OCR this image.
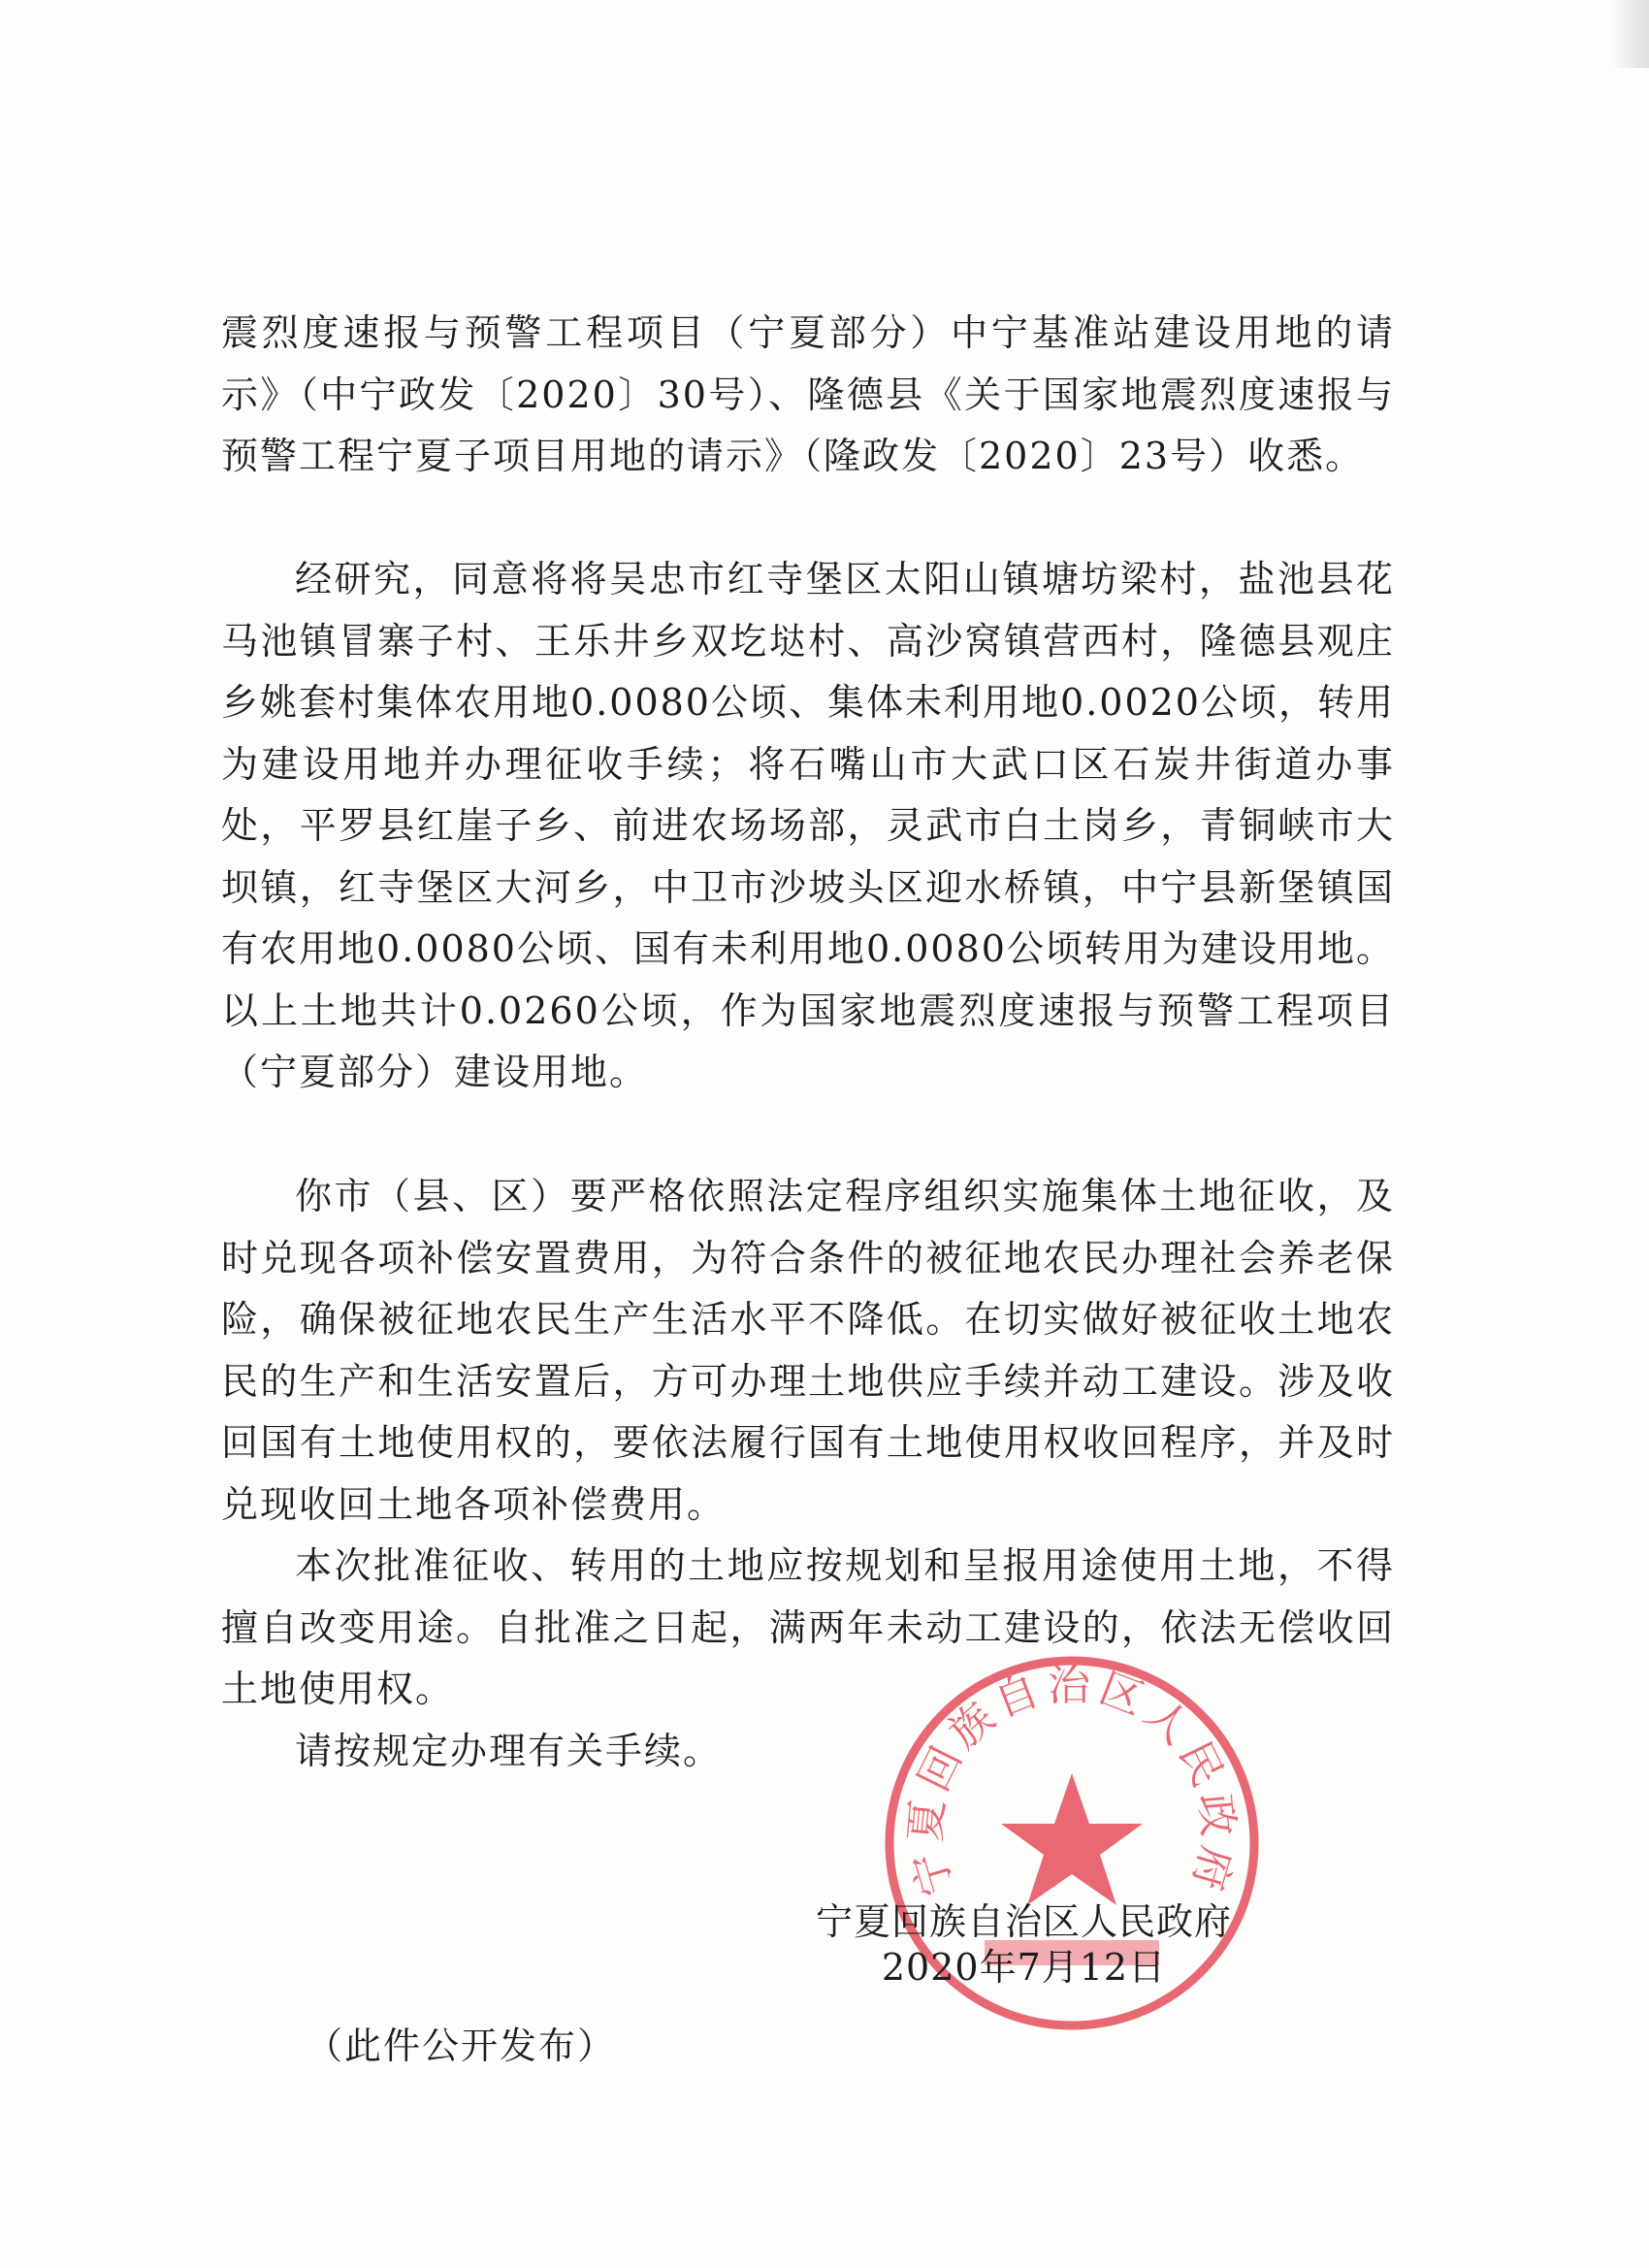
震烈度速报与预警工程项目（宁夏部分）中宁基准站建设用地的请示》（中宁政发〔2020〕30号）、隆德县《关于国家地震烈度速报与预警工程宁夏子项目用地的请示》（隆政发〔2020〕23号）收悉。

经研究，同意将将吴忠市红寺堡区太阳山镇塘坊梁村，盐池县花马池镇冒寨子村、王乐井乡双圪垯村、高沙窝镇营西村，隆德县观庄乡姚套村集体农用地0.0080公顷、集体未利用地0.0020公顷，转用为建设用地并办理征收手续；将石嘴山市大武口区石炭井街道办事处，平罗县红崖子乡、前进农场场部，灵武市白土岗乡，青铜峡市大坝镇，红寺堡区大河乡，中卫市沙坡头区迎水桥镇，中宁县新堡镇国有农用地0.0080公顷、国有未利用地0.0080公顷转用为建设用地。以上土地共计0.0260公顷，作为国家地震烈度速报与预警工程项目（宁夏部分）建设用地。

你市（县、区）要严格依照法定程序组织实施集体土地征收，及时兑现各项补偿安置费用，为符合条件的被征地农民办理社会养老保险，确保被征地农民生产生活水平不降低。在切实做好被征收土地农民的生产和生活安置后，方可办理土地供应手续并动工建设。涉及收回国有土地使用权的，要依法履行国有土地使用权收回程序，并及时兑现收回土地各项补偿费用。

本次批准征收、转用的土地应按规划和呈报用途使用土地，不得擅自改变用途。自批准之日起，满两年未动工建设的，依法无偿收回土地使用权。

请按规定办理有关手续。

宁夏回族自治区人民政府
宁夏回族自治区人民政府
2020年7月12日
（此件公开发布）
